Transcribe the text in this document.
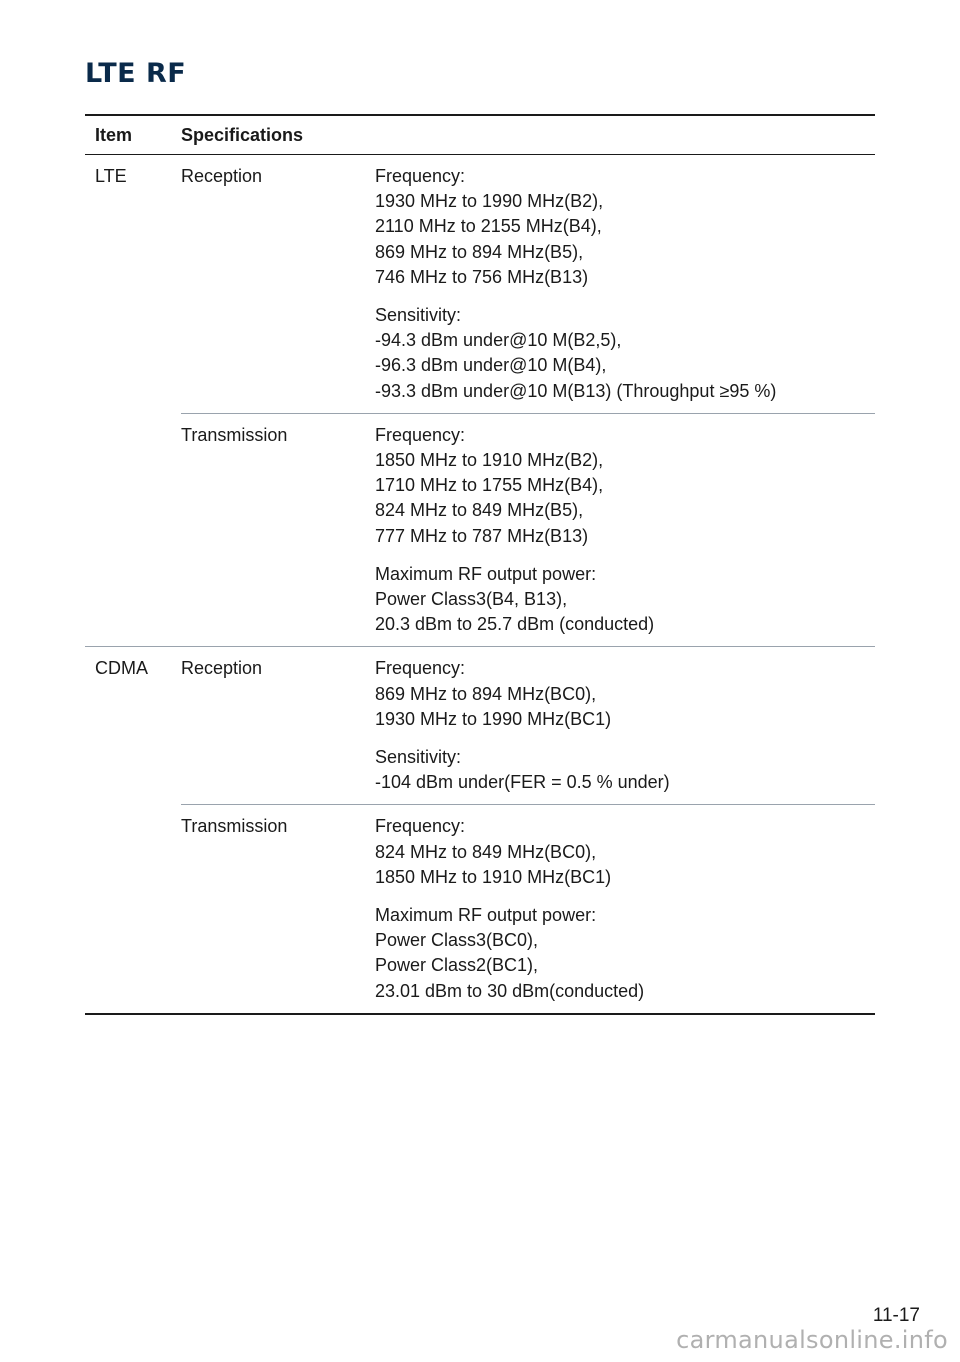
LTE RF
Item	Specifications
LTE	Reception	Frequency:
1930 MHz to 1990 MHz(B2),
2110 MHz to 2155 MHz(B4),
869 MHz to 894 MHz(B5),
746 MHz to 756 MHz(B13)
Sensitivity:
-94.3 dBm under@10 M(B2,5),
-96.3 dBm under@10 M(B4),
-93.3 dBm under@10 M(B13) (Throughput ≥95 %)
Transmission	Frequency:
1850 MHz to 1910 MHz(B2),
1710 MHz to 1755 MHz(B4),
824 MHz to 849 MHz(B5),
777 MHz to 787 MHz(B13)
Maximum RF output power:
Power Class3(B4, B13),
20.3 dBm to 25.7 dBm (conducted)
CDMA	Reception	Frequency:
869 MHz to 894 MHz(BC0),
1930 MHz to 1990 MHz(BC1)
Sensitivity:
-104 dBm under(FER = 0.5 % under)
Transmission	Frequency:
824 MHz to 849 MHz(BC0),
1850 MHz to 1910 MHz(BC1)
Maximum RF output power:
Power Class3(BC0),
Power Class2(BC1),
23.01 dBm to 30 dBm(conducted)
11-17
carmanualsonline.info
